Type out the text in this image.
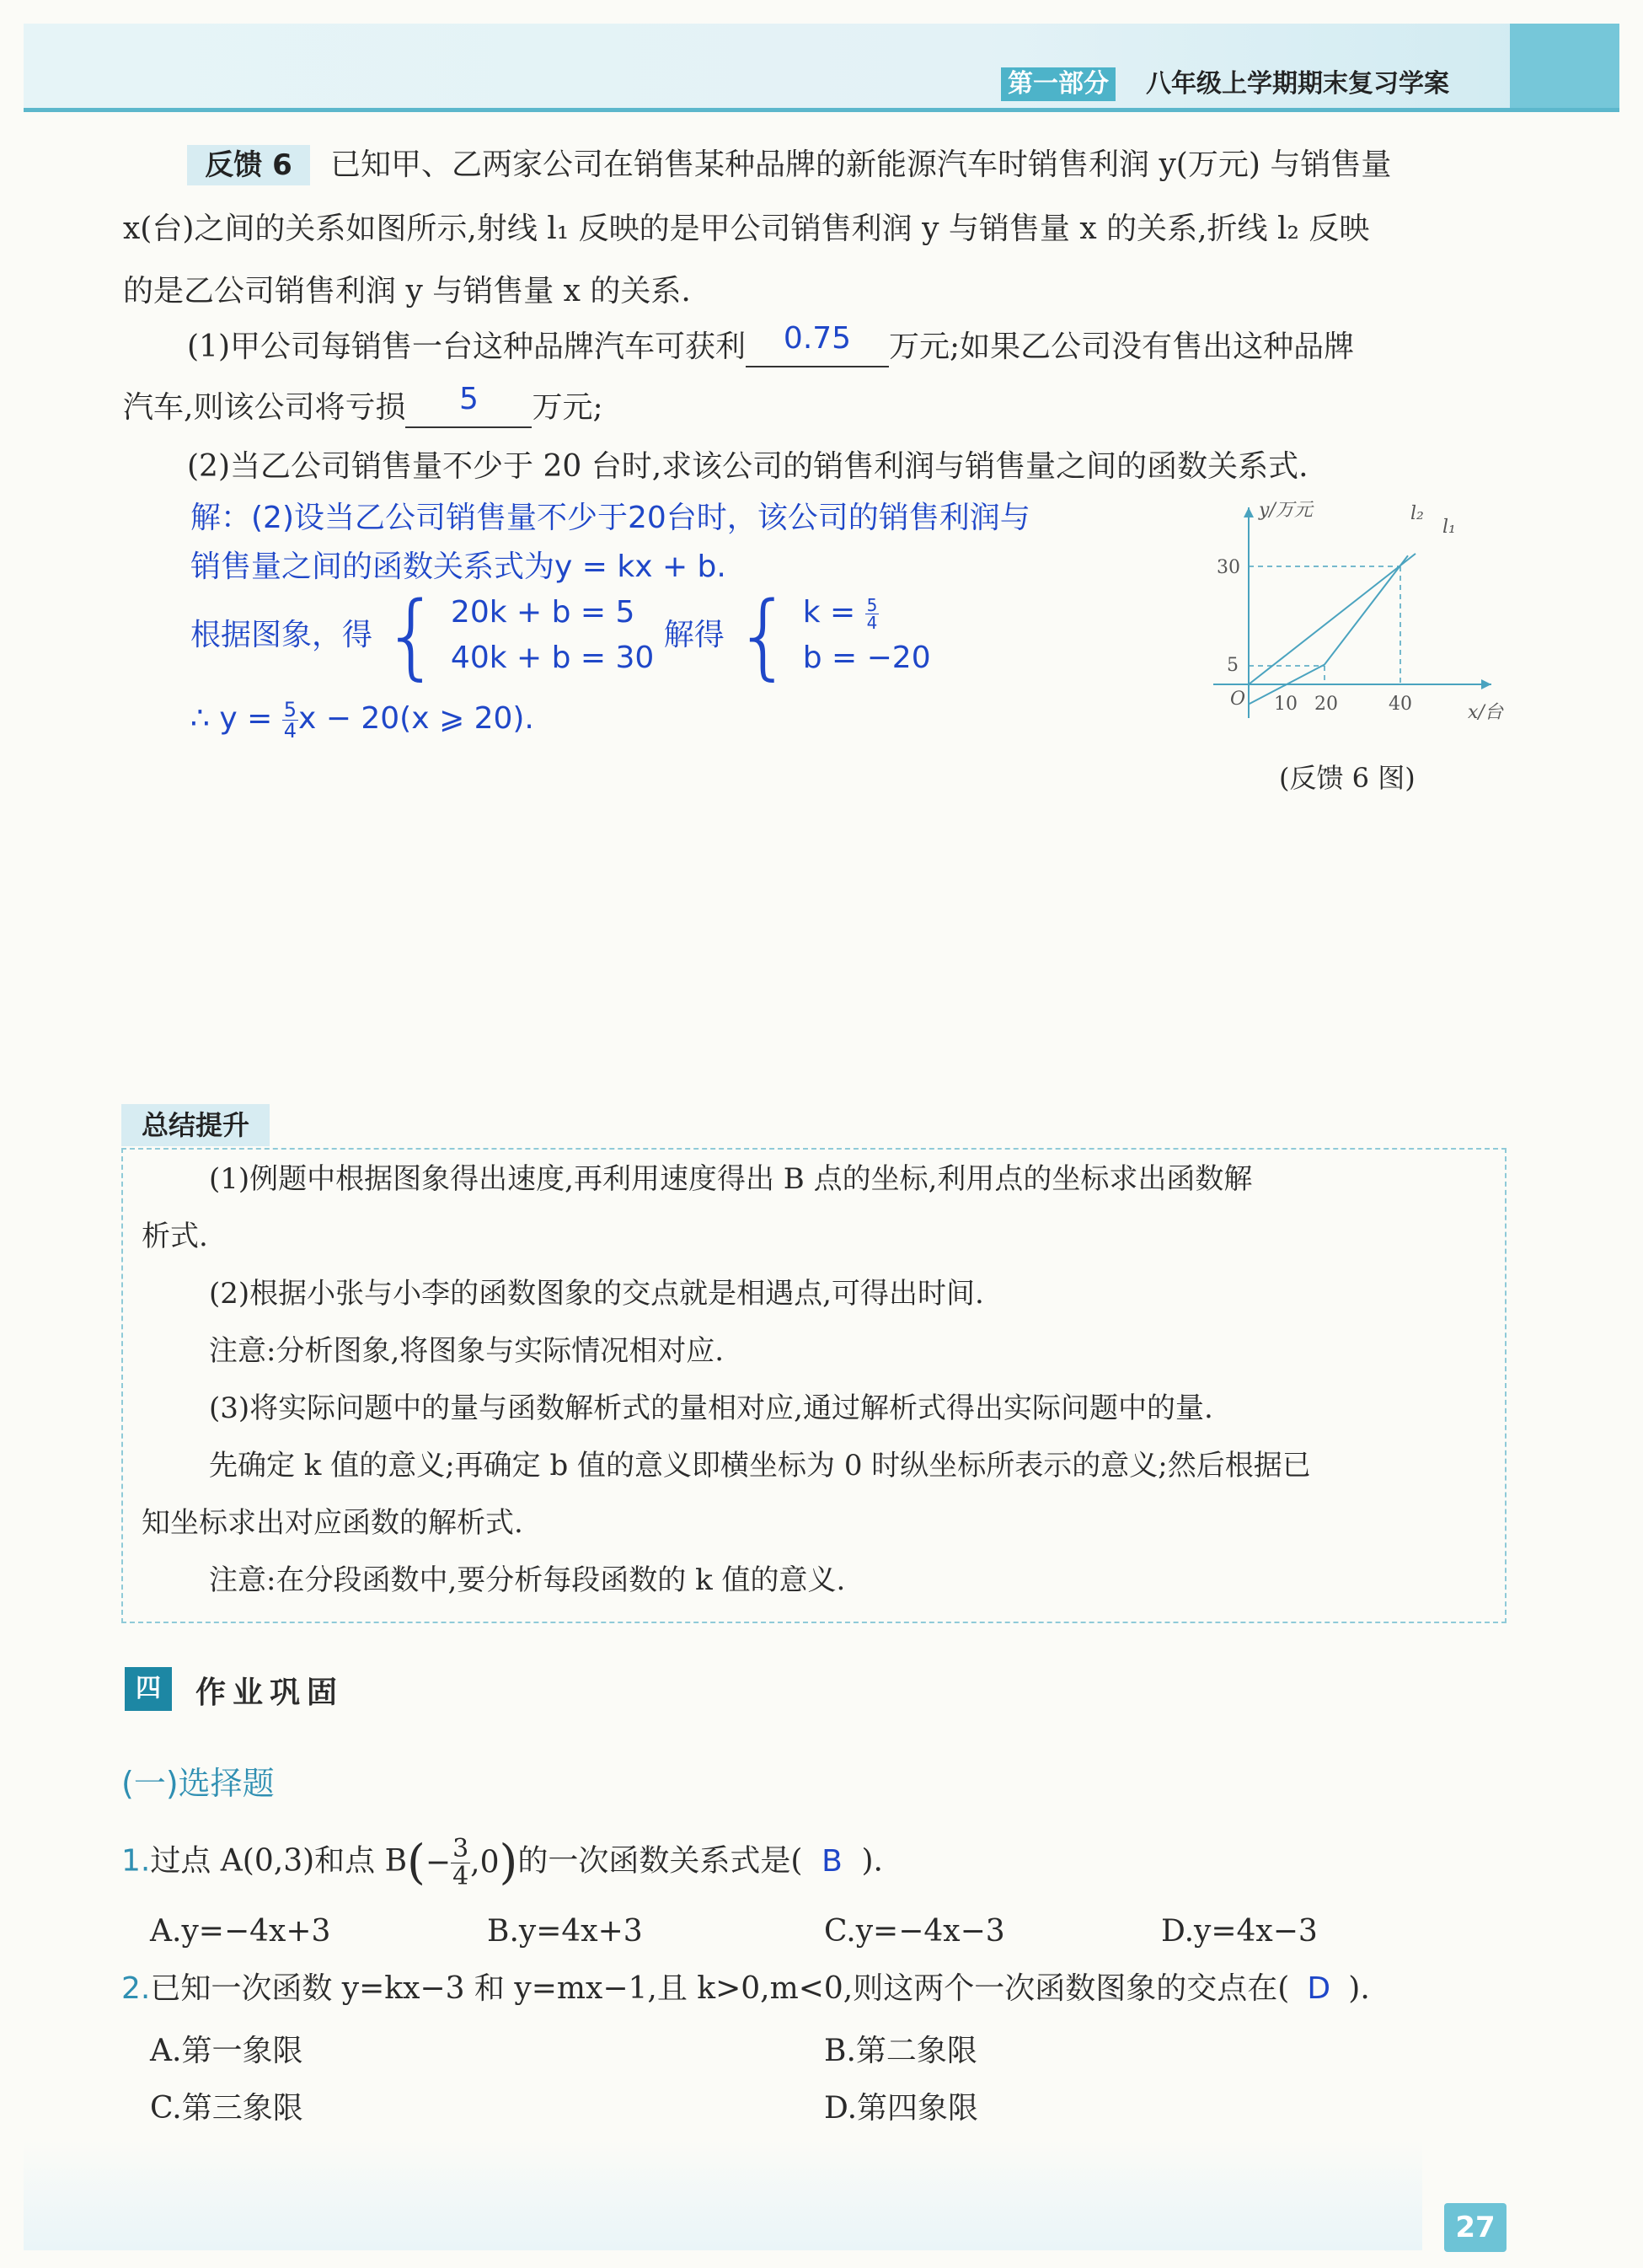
第一部分 八年级上学期期末复习学案
反馈 6	已知甲、乙两家公司在销售某种品牌的新能源汽车时销售利润 y(万元) 与销售量
x(台)之间的关系如图所示,射线 l₁ 反映的是甲公司销售利润 y 与销售量 x 的关系,折线 l₂ 反映
的是乙公司销售利润 y 与销售量 x 的关系.
(1)甲公司每销售一台这种品牌汽车可获利 0.75 万元;如果乙公司没有售出这种品牌
汽车,则该公司将亏损 5 万元;
(2)当乙公司销售量不少于 20 台时,求该公司的销售利润与销售量之间的函数关系式.
解：(2)设当乙公司销售量不少于20台时，该公司的销售利润与
销售量之间的函数关系式为y = kx + b.
根据图象，得 { 20k + b = 5
40k + b = 30
解得 { $k = \frac{5}{4}$
b = −20
∴ $y = \frac{5}{4}$ x − 20(x ⩾ 20).
y/万元
x/台
O
30
5
10 20	40
l₂
l₁
(反馈 6 图)
总结提升
(1)例题中根据图象得出速度,再利用速度得出 B 点的坐标,利用点的坐标求出函数解
析式.
(2)根据小张与小李的函数图象的交点就是相遇点,可得出时间.
注意:分析图象,将图象与实际情况相对应.
(3)将实际问题中的量与函数解析式的量相对应,通过解析式得出实际问题中的量.
先确定 k 值的意义;再确定 b 值的意义即横坐标为 0 时纵坐标所表示的意义;然后根据已
知坐标求出对应函数的解析式.
注意:在分段函数中,要分析每段函数的 k 值的意义.
四	作业巩固
(一)选择题
1.过点 A(0,3)和点 $B(- \frac{3}{4} ,0)$的一次函数关系式是( B ).
A.y=−4x+3	B.y=4x+3	C.y=−4x−3	D.y=4x−3
2.已知一次函数 y=kx−3 和 y=mx−1,且 k>0,m<0,则这两个一次函数图象的交点在( D ).
A.第一象限	B.第二象限
C.第三象限	D.第四象限
27
